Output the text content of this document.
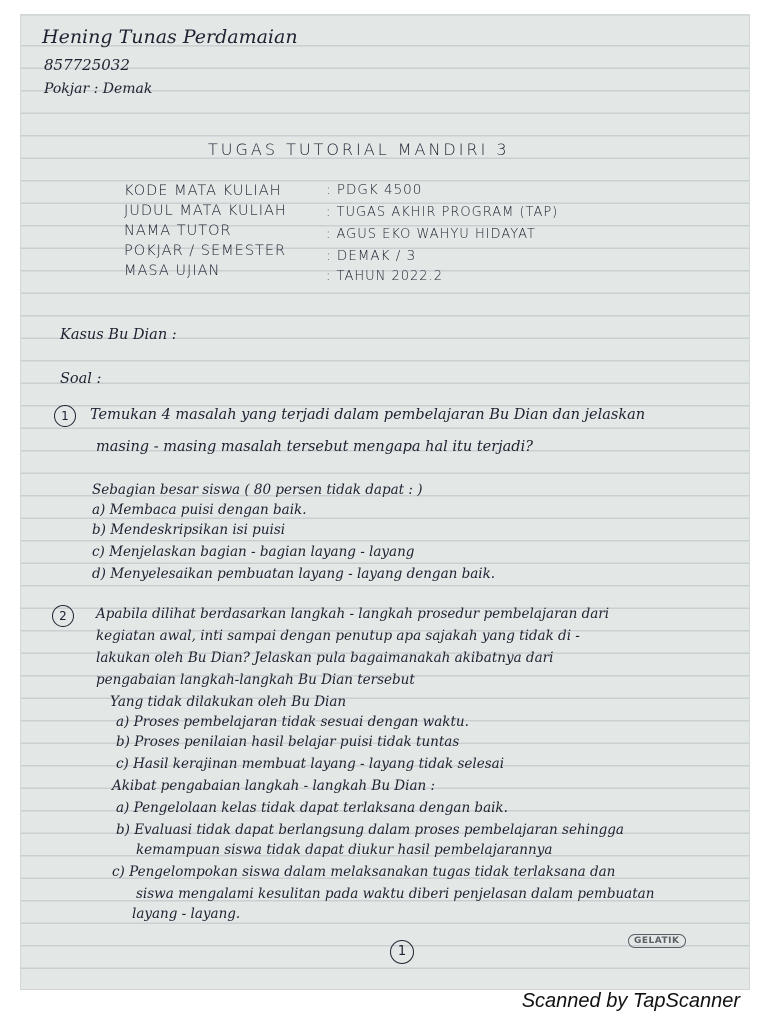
Hening Tunas Perdamaian
857725032
Pokjar : Demak
TUGAS TUTORIAL MANDIRI 3
KODE MATA KULIAH	: PDGK 4500
JUDUL MATA KULIAH	: TUGAS AKHIR PROGRAM (TAP)
NAMA TUTOR	: AGUS EKO WAHYU HIDAYAT
POKJAR / SEMESTER	: DEMAK / 3
MASA UJIAN	: TAHUN 2022.2
Kasus Bu Dian :
Soal :
1	Temukan 4 masalah yang terjadi dalam pembelajaran Bu Dian dan jelaskan
masing - masing masalah tersebut mengapa hal itu terjadi?
Sebagian besar siswa ( 80 persen tidak dapat : )
a) Membaca puisi dengan baik.
b) Mendeskripsikan isi puisi
c) Menjelaskan bagian - bagian layang - layang
d) Menyelesaikan pembuatan layang - layang dengan baik.
2	Apabila dilihat berdasarkan langkah - langkah prosedur pembelajaran dari
kegiatan awal, inti sampai dengan penutup apa sajakah yang tidak di -
lakukan oleh Bu Dian? Jelaskan pula bagaimanakah akibatnya dari
pengabaian langkah-langkah Bu Dian tersebut
Yang tidak dilakukan oleh Bu Dian
a) Proses pembelajaran tidak sesuai dengan waktu.
b) Proses penilaian hasil belajar puisi tidak tuntas
c) Hasil kerajinan membuat layang - layang tidak selesai
Akibat pengabaian langkah - langkah Bu Dian :
a) Pengelolaan kelas tidak dapat terlaksana dengan baik.
b) Evaluasi tidak dapat berlangsung dalam proses pembelajaran sehingga
kemampuan siswa tidak dapat diukur hasil pembelajarannya
c) Pengelompokan siswa dalam melaksanakan tugas tidak terlaksana dan
siswa mengalami kesulitan pada waktu diberi penjelasan dalam pembuatan
layang - layang.
1
GELATIK
Scanned by TapScanner
